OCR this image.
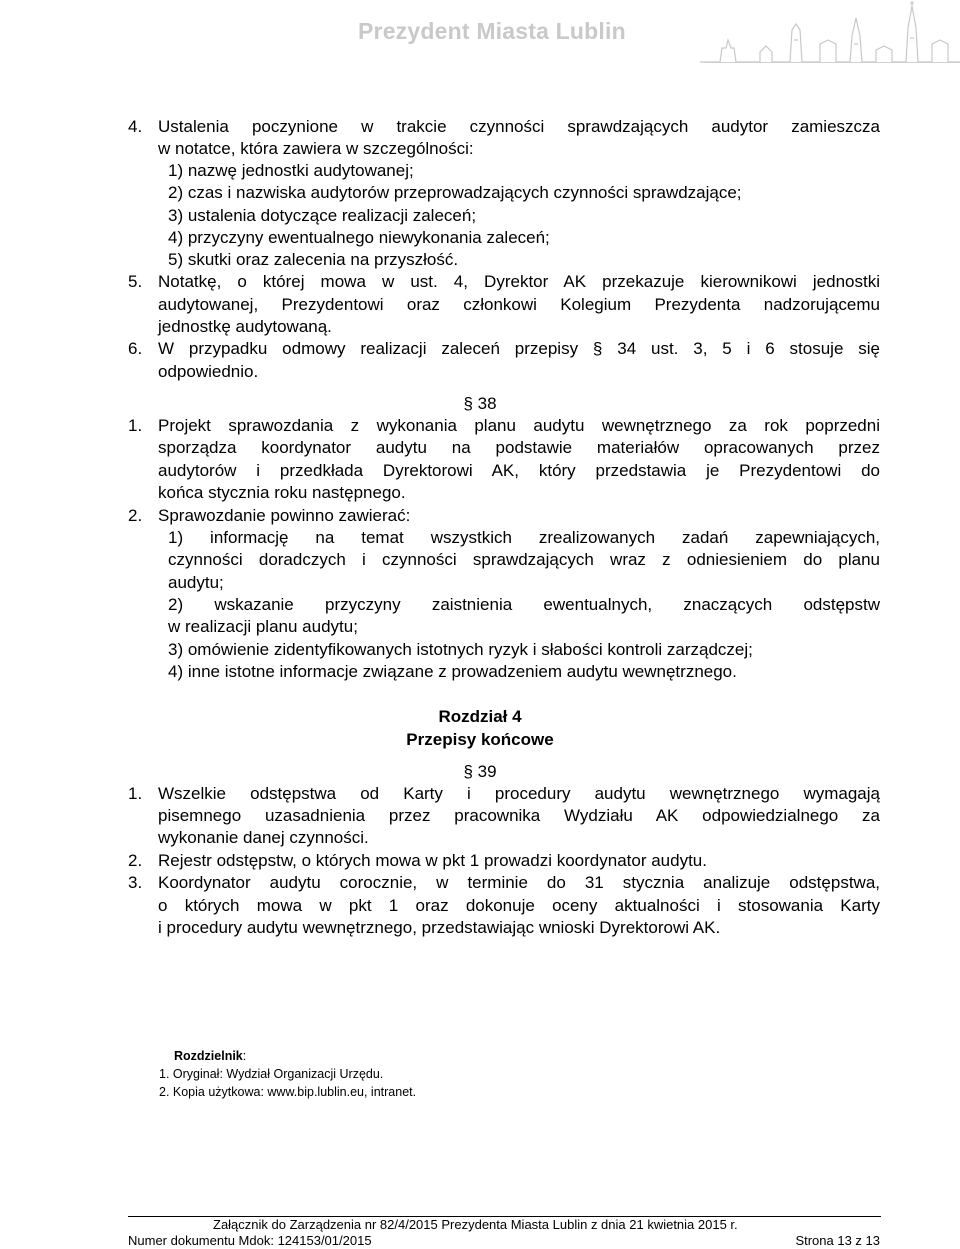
Prezydent Miasta Lublin
4. Ustalenia poczynione w trakcie czynności sprawdzających audytor zamieszcza
w notatce, która zawiera w szczególności:
1) nazwę jednostki audytowanej;
2) czas i nazwiska audytorów przeprowadzających czynności sprawdzające;
3) ustalenia dotyczące realizacji zaleceń;
4) przyczyny ewentualnego niewykonania zaleceń;
5) skutki oraz zalecenia na przyszłość.
5. Notatkę, o której mowa w ust. 4, Dyrektor AK przekazuje kierownikowi jednostki
audytowanej, Prezydentowi oraz członkowi Kolegium Prezydenta nadzorującemu
jednostkę audytowaną.
6. W przypadku odmowy realizacji zaleceń przepisy § 34 ust. 3, 5 i 6 stosuje się
odpowiednio.
§ 38
1. Projekt sprawozdania z wykonania planu audytu wewnętrznego za rok poprzedni
sporządza koordynator audytu na podstawie materiałów opracowanych przez
audytorów i przedkłada Dyrektorowi AK, który przedstawia je Prezydentowi do
końca stycznia roku następnego.
2. Sprawozdanie powinno zawierać:
1) informację na temat wszystkich zrealizowanych zadań zapewniających,
czynności doradczych i czynności sprawdzających wraz z odniesieniem do planu
audytu;
2) wskazanie przyczyny zaistnienia ewentualnych, znaczących odstępstw
w realizacji planu audytu;
3) omówienie zidentyfikowanych istotnych ryzyk i słabości kontroli zarządczej;
4) inne istotne informacje związane z prowadzeniem audytu wewnętrznego.
Rozdział 4
Przepisy końcowe
§ 39
1. Wszelkie odstępstwa od Karty i procedury audytu wewnętrznego wymagają
pisemnego uzasadnienia przez pracownika Wydziału AK odpowiedzialnego za
wykonanie danej czynności.
2. Rejestr odstępstw, o których mowa w pkt 1 prowadzi koordynator audytu.
3. Koordynator audytu corocznie, w terminie do 31 stycznia analizuje odstępstwa,
o których mowa w pkt 1 oraz dokonuje oceny aktualności i stosowania Karty
i procedury audytu wewnętrznego, przedstawiając wnioski Dyrektorowi AK.
Rozdzielnik:
1. Oryginał: Wydział Organizacji Urzędu.
2. Kopia użytkowa: www.bip.lublin.eu, intranet.
Załącznik do Zarządzenia nr 82/4/2015 Prezydenta Miasta Lublin z dnia 21 kwietnia 2015 r.
Numer dokumentu Mdok: 124153/01/2015	Strona 13 z 13
